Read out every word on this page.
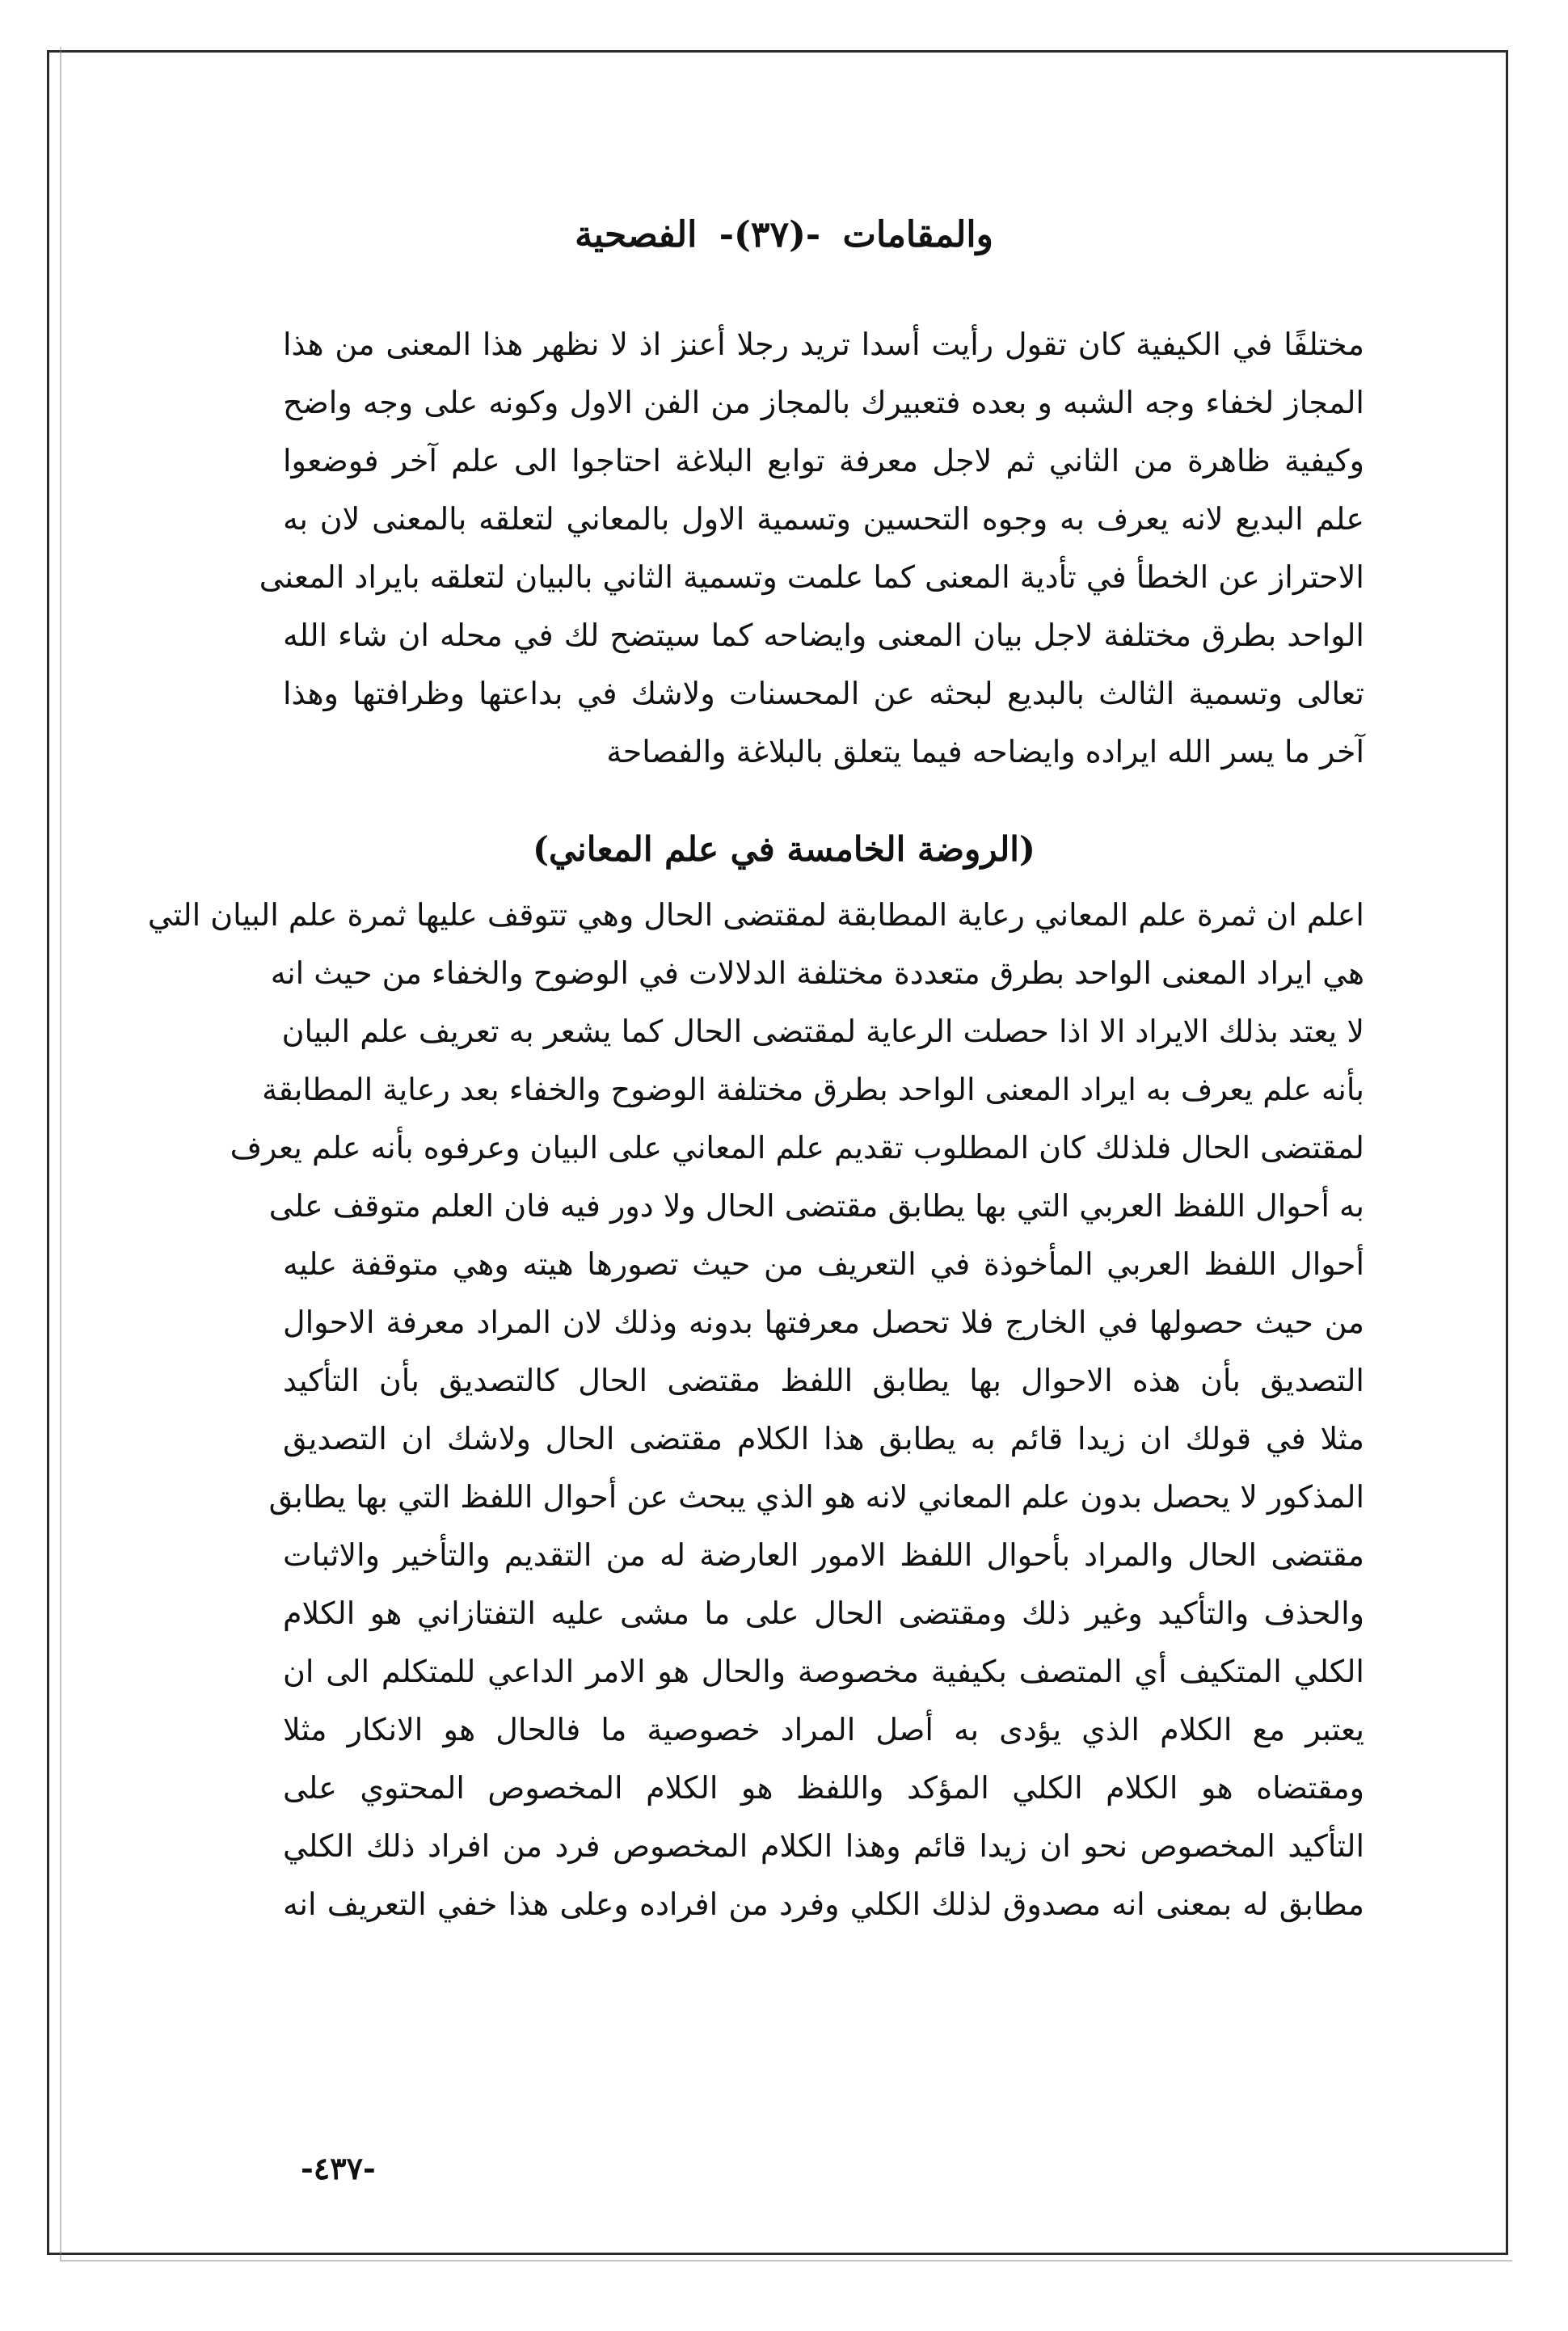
والمقامات -(٣٧)- الفصحية
مختلفًا في الكيفية كان تقول رأيت أسدا تريد رجلا أعنز اذ لا نظهر هذا المعنى من هذا
المجاز لخفاء وجه الشبه و بعده فتعبيرك بالمجاز من الفن الاول وكونه على وجه واضح
وكيفية ظاهرة من الثاني ثم لاجل معرفة توابع البلاغة احتاجوا الى علم آخر فوضعوا
علم البديع لانه يعرف به وجوه التحسين وتسمية الاول بالمعاني لتعلقه بالمعنى لان به
الاحتراز عن الخطأ في تأدية المعنى كما علمت وتسمية الثاني بالبيان لتعلقه بايراد المعنى
الواحد بطرق مختلفة لاجل بيان المعنى وايضاحه كما سيتضح لك في محله ان شاء الله
تعالى وتسمية الثالث بالبديع لبحثه عن المحسنات ولاشك في بداعتها وظرافتها وهذا
آخر ما يسر الله ايراده وايضاحه فيما يتعلق بالبلاغة والفصاحة
(الروضة الخامسة في علم المعاني)
اعلم ان ثمرة علم المعاني رعاية المطابقة لمقتضى الحال وهي تتوقف عليها ثمرة علم البيان التي
هي ايراد المعنى الواحد بطرق متعددة مختلفة الدلالات في الوضوح والخفاء من حيث انه
لا يعتد بذلك الايراد الا اذا حصلت الرعاية لمقتضى الحال كما يشعر به تعريف علم البيان
بأنه علم يعرف به ايراد المعنى الواحد بطرق مختلفة الوضوح والخفاء بعد رعاية المطابقة
لمقتضى الحال فلذلك كان المطلوب تقديم علم المعاني على البيان وعرفوه بأنه علم يعرف
به أحوال اللفظ العربي التي بها يطابق مقتضى الحال ولا دور فيه فان العلم متوقف على
أحوال اللفظ العربي المأخوذة في التعريف من حيث تصورها هيته وهي متوقفة عليه
من حيث حصولها في الخارج فلا تحصل معرفتها بدونه وذلك لان المراد معرفة الاحوال
التصديق بأن هذه الاحوال بها يطابق اللفظ مقتضى الحال كالتصديق بأن التأكيد
مثلا في قولك ان زيدا قائم به يطابق هذا الكلام مقتضى الحال ولاشك ان التصديق
المذكور لا يحصل بدون علم المعاني لانه هو الذي يبحث عن أحوال اللفظ التي بها يطابق
مقتضى الحال والمراد بأحوال اللفظ الامور العارضة له من التقديم والتأخير والاثبات
والحذف والتأكيد وغير ذلك ومقتضى الحال على ما مشى عليه التفتازاني هو الكلام
الكلي المتكيف أي المتصف بكيفية مخصوصة والحال هو الامر الداعي للمتكلم الى ان
يعتبر مع الكلام الذي يؤدى به أصل المراد خصوصية ما فالحال هو الانكار مثلا
ومقتضاه هو الكلام الكلي المؤكد واللفظ هو الكلام المخصوص المحتوي على
التأكيد المخصوص نحو ان زيدا قائم وهذا الكلام المخصوص فرد من افراد ذلك الكلي
مطابق له بمعنى انه مصدوق لذلك الكلي وفرد من افراده وعلى هذا خفي التعريف انه
-٤٣٧-
